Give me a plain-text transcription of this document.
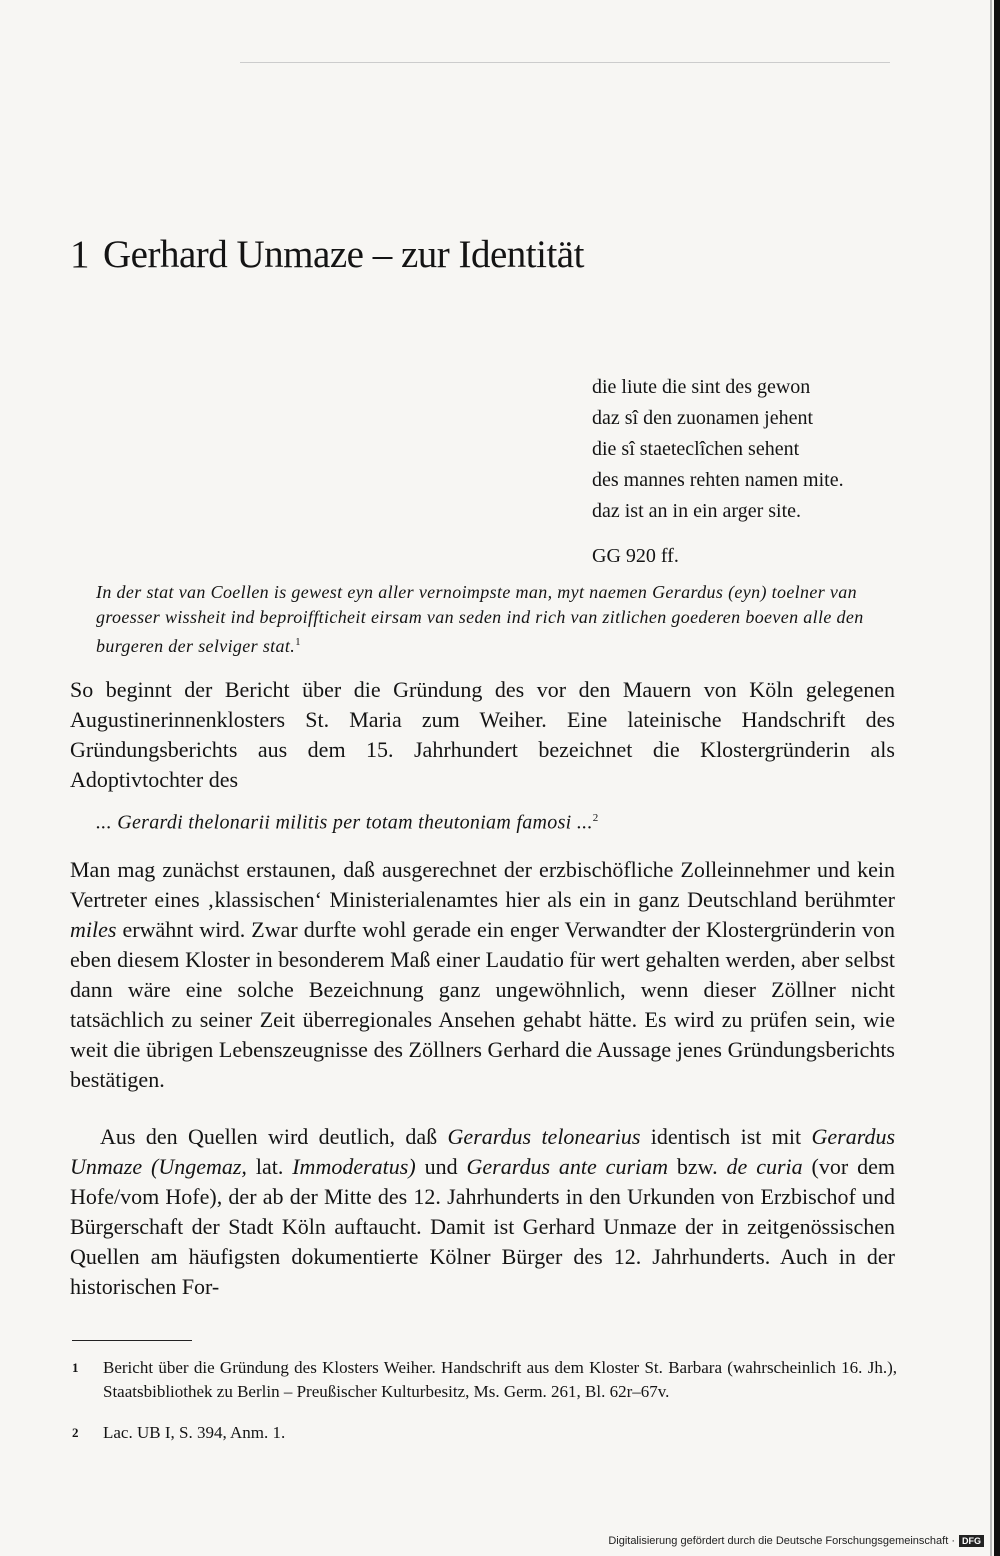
1 Gerhard Unmaze – zur Identität
die liute die sint des gewon
daz sî den zuonamen jehent
die sî staeteclîchen sehent
des mannes rehten namen mite.
daz ist an in ein arger site.
GG 920 ff.

In der stat van Coellen is gewest eyn aller vernoimpste man, myt naemen Gerardus (eyn) toelner van groesser wissheit ind beproiffticheit eirsam van seden ind rich van zitlichen goederen boeven alle den burgeren der selviger stat.$^1$

So beginnt der Bericht über die Gründung des vor den Mauern von Köln gelegenen Augustinerinnenklosters St. Maria zum Weiher. Eine lateinische Handschrift des Gründungsberichts aus dem 15. Jahrhundert bezeichnet die Klostergründerin als Adoptivtochter des

... Gerardi thelonarii militis per totam theutoniam famosi ...$^2$

Man mag zunächst erstaunen, daß ausgerechnet der erzbischöfliche Zolleinnehmer und kein Vertreter eines ‚klassischen‘ Ministerialenamtes hier als ein in ganz Deutschland berühmter miles erwähnt wird. Zwar durfte wohl gerade ein enger Verwandter der Klostergründerin von eben diesem Kloster in besonderem Maß einer Laudatio für wert gehalten werden, aber selbst dann wäre eine solche Bezeichnung ganz ungewöhnlich, wenn dieser Zöllner nicht tatsächlich zu seiner Zeit überregionales Ansehen gehabt hätte. Es wird zu prüfen sein, wie weit die übrigen Lebenszeugnisse des Zöllners Gerhard die Aussage jenes Gründungsberichts bestätigen.

Aus den Quellen wird deutlich, daß Gerardus telonearius identisch ist mit Gerardus Unmaze (Ungemaz, lat. Immoderatus) und Gerardus ante curiam bzw. de curia (vor dem Hofe/vom Hofe), der ab der Mitte des 12. Jahrhunderts in den Urkunden von Erzbischof und Bürgerschaft der Stadt Köln auftaucht. Damit ist Gerhard Unmaze der in zeitgenössischen Quellen am häufigsten dokumentierte Kölner Bürger des 12. Jahrhunderts. Auch in der historischen For-

1 Bericht über die Gründung des Klosters Weiher. Handschrift aus dem Kloster St. Barbara (wahrscheinlich 16. Jh.), Staatsbibliothek zu Berlin – Preußischer Kulturbesitz, Ms. Germ. 261, Bl. 62r–67v.

2 Lac. UB I, S. 394, Anm. 1.

Digitalisierung gefördert durch die Deutsche Forschungsgemeinschaft · DFG
